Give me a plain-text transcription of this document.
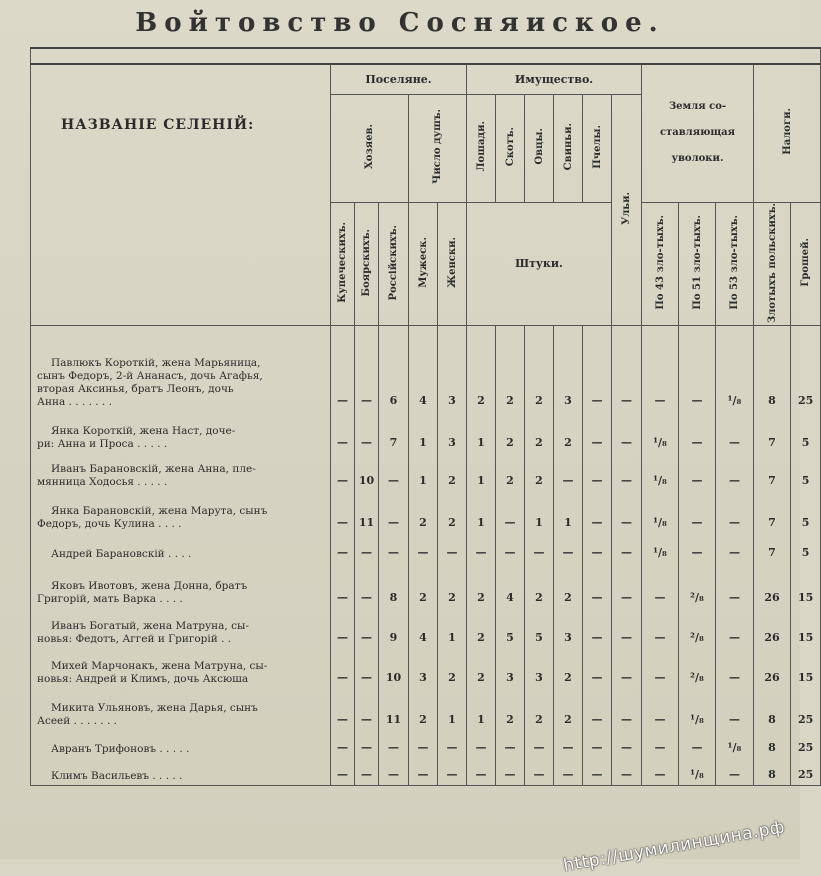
Войтовство Сосняиское.

НАЗВАНІЕ СЕЛЕНІЙ:	Поселяне.					Имущество.						Земля со-
ставляющая
уволоки.			Налоги.	
	Хозяев.			Число душъ.		Лошади.	Скотъ.	Овцы.	Свиньи.	Пчелы.	Ульи.					
	Купеческихъ.	Боярскихъ.	Россійскихъ.	Мужеск.	Женски.	Штуки.						По 43 зло-тыхъ.	По 51 зло-тыхъ.	По 53 зло-тыхъ.	Злотыхъ польскихъ.	Грошей.

Павлюкъ Короткій, жена Марьяница,
сынъ Федоръ, 2-й Ананасъ, дочь Агафья,
вторая Аксинья, братъ Леонъ, дочь
Анна . . . . . . .	—	—	6	4	3	2	2	2	3	—	—	—	—	¹/₈	8	25

Янка Короткій, жена Наст, доче-
ри: Анна и Проса . . . . .	—	—	7	1	3	1	2	2	2	—	—	¹/₈	—	—	7	5

Иванъ Барановскій, жена Анна, пле-
мянница Ходосья . . . . .	—	10	—	1	2	1	2	2	—	—	—	¹/₈	—	—	7	5

Янка Барановскій, жена Марута, сынъ
Федоръ, дочь Кулина . . . .	—	11	—	2	2	1	—	1	1	—	—	¹/₈	—	—	7	5

Андрей Барановскій . . . .	—	—	—	—	—	—	—	—	—	—	—	¹/₈	—	—	7	5

Яковъ Ивотовъ, жена Донна, братъ
Григорій, мать Варка . . . .	—	—	8	2	2	2	4	2	2	—	—	—	²/₈	—	26	15

Иванъ Богатый, жена Матруна, сы-
новья: Федотъ, Аггей и Григорій . .	—	—	9	4	1	2	5	5	3	—	—	—	²/₈	—	26	15

Михей Марчонакъ, жена Матруна, сы-
новья: Андрей и Климъ, дочь Аксюша	—	—	10	3	2	2	3	3	2	—	—	—	²/₈	—	26	15

Микита Ульяновъ, жена Дарья, сынъ
Асеей . . . . . . .	—	—	11	2	1	1	2	2	2	—	—	—	¹/₈	—	8	25

Авранъ Трифоновъ . . . . .	—	—	—	—	—	—	—	—	—	—	—	—	—	¹/₈	8	25

Климъ Васильевъ . . . . .	—	—	—	—	—	—	—	—	—	—	—	—	¹/₈	—	8	25
http://шумилинщина.рф
